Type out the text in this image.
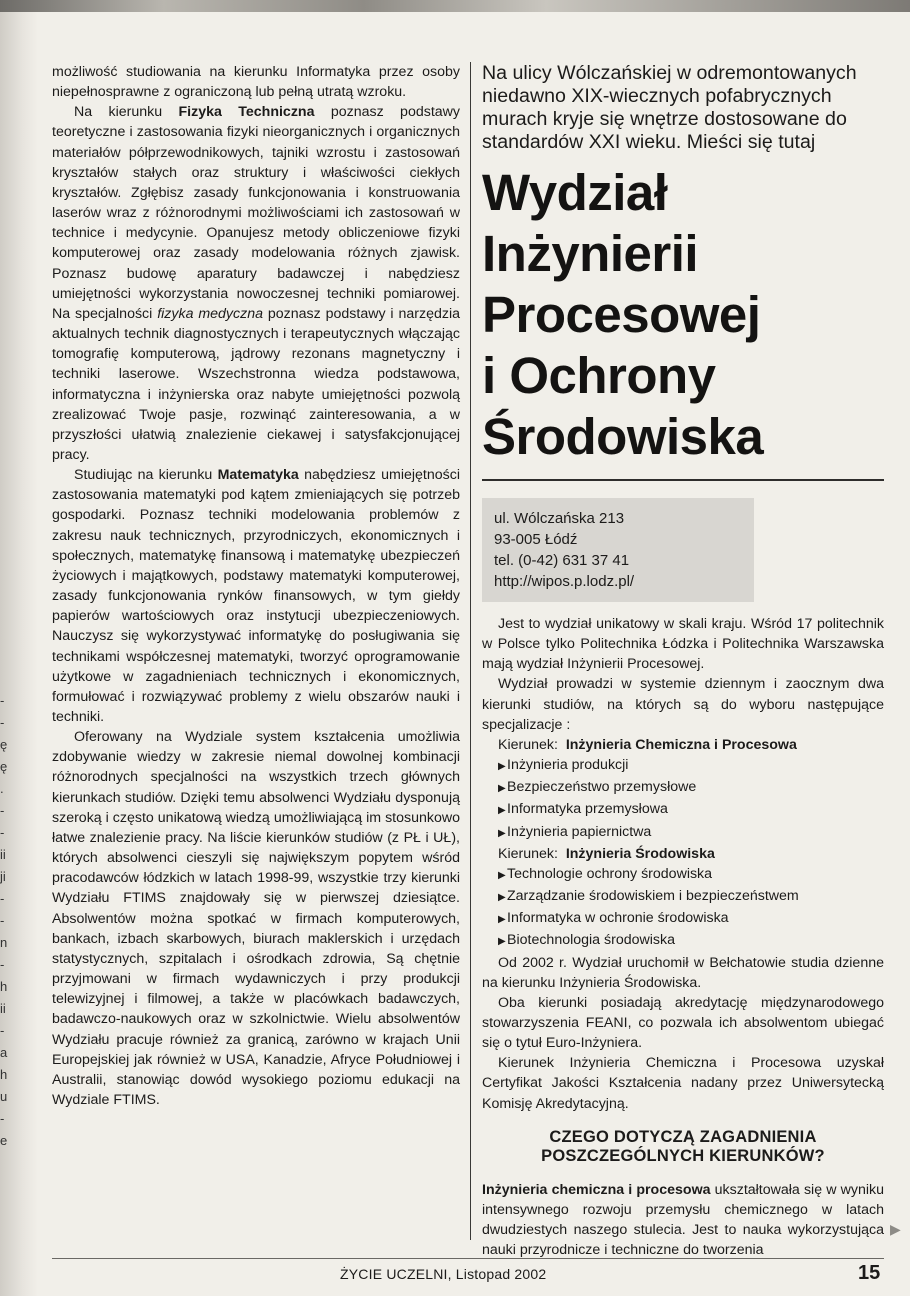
-
-
ę
ę
.
-
-
ii
ji
-
-
n
-
h
ii
-
a
h
u
-
e

możliwość studiowania na kierunku Informatyka przez osoby niepełnosprawne z ograniczoną lub pełną utratą wzroku.

Na kierunku Fizyka Techniczna poznasz podstawy teoretyczne i zastosowania fizyki nieorganicznych i organicznych materiałów półprzewodnikowych, tajniki wzrostu i zastosowań kryształów stałych oraz struktury i właściwości ciekłych kryształów. Zgłębisz zasady funkcjonowania i konstruowania laserów wraz z różnorodnymi możliwościami ich zastosowań w technice i medycynie. Opanujesz metody obliczeniowe fizyki komputerowej oraz zasady modelowania różnych zjawisk. Poznasz budowę aparatury badawczej i nabędziesz umiejętności wykorzystania nowoczesnej techniki pomiarowej. Na specjalności fizyka medyczna poznasz podstawy i narzędzia aktualnych technik diagnostycznych i terapeutycznych włączając tomografię komputerową, jądrowy rezonans magnetyczny i techniki laserowe. Wszechstronna wiedza podstawowa, informatyczna i inżynierska oraz nabyte umiejętności pozwolą zrealizować Twoje pasje, rozwinąć zainteresowania, a w przyszłości ułatwią znalezienie ciekawej i satysfakcjonującej pracy.

Studiując na kierunku Matematyka nabędziesz umiejętności zastosowania matematyki pod kątem zmieniających się potrzeb gospodarki. Poznasz techniki modelowania problemów z zakresu nauk technicznych, przyrodniczych, ekonomicznych i społecznych, matematykę finansową i matematykę ubezpieczeń życiowych i majątkowych, podstawy matematyki komputerowej, zasady funkcjonowania rynków finansowych, w tym giełdy papierów wartościowych oraz instytucji ubezpieczeniowych. Nauczysz się wykorzystywać informatykę do posługiwania się technikami współczesnej matematyki, tworzyć oprogramowanie użytkowe w zagadnieniach technicznych i ekonomicznych, formułować i rozwiązywać problemy z wielu obszarów nauki i techniki.

Oferowany na Wydziale system kształcenia umożliwia zdobywanie wiedzy w zakresie niemal dowolnej kombinacji różnorodnych specjalności na wszystkich trzech głównych kierunkach studiów. Dzięki temu absolwenci Wydziału dysponują szeroką i często unikatową wiedzą umożliwiającą im stosunkowo łatwe znalezienie pracy. Na liście kierunków studiów (z PŁ i UŁ), których absolwenci cieszyli się największym popytem wśród pracodawców łódzkich w latach 1998-99, wszystkie trzy kierunki Wydziału FTIMS znajdowały się w pierwszej dziesiątce. Absolwentów można spotkać w firmach komputerowych, bankach, izbach skarbowych, biurach maklerskich i urzędach statystycznych, szpitalach i ośrodkach zdrowia, Są chętnie przyjmowani w firmach wydawniczych i przy produkcji telewizyjnej i filmowej, a także w placówkach badawczych, badawczo-naukowych oraz w szkolnictwie. Wielu absolwentów Wydziału pracuje również za granicą, zarówno w krajach Unii Europejskiej jak również w USA, Kanadzie, Afryce Południowej i Australii, stanowiąc dowód wysokiego poziomu edukacji na Wydziale FTIMS.

Na ulicy Wólczańskiej w odremontowanych niedawno XIX-wiecznych pofabrycznych murach kryje się wnętrze dostosowane do standardów XXI wieku. Mieści się tutaj

Wydział
Inżynierii
Procesowej
i Ochrony
Środowiska
ul. Wólczańska 213
93-005 Łódź
tel. (0-42) 631 37 41
http://wipos.p.lodz.pl/

Jest to wydział unikatowy w skali kraju. Wśród 17 politechnik w Polsce tylko Politechnika Łódzka i Politechnika Warszawska mają wydział Inżynierii Procesowej.

Wydział prowadzi w systemie dziennym i zaocznym dwa kierunki studiów, na których są do wyboru następujące specjalizacje :

Kierunek: Inżynieria Chemiczna i Procesowa

▶Inżynieria produkcji

▶Bezpieczeństwo przemysłowe

▶Informatyka przemysłowa

▶Inżynieria papiernictwa

Kierunek: Inżynieria Środowiska

▶Technologie ochrony środowiska

▶Zarządzanie środowiskiem i bezpieczeństwem

▶Informatyka w ochronie środowiska

▶Biotechnologia środowiska

Od 2002 r. Wydział uruchomił w Bełchatowie studia dzienne na kierunku Inżynieria Środowiska.

Oba kierunki posiadają akredytację międzynarodowego stowarzyszenia FEANI, co pozwala ich absolwentom ubiegać się o tytuł Euro-Inżyniera.

Kierunek Inżynieria Chemiczna i Procesowa uzyskał Certyfikat Jakości Kształcenia nadany przez Uniwersytecką Komisję Akredytacyjną.

CZEGO DOTYCZĄ ZAGADNIENIA
POSZCZEGÓLNYCH KIERUNKÓW?

Inżynieria chemiczna i procesowa ukształtowała się w wyniku intensywnego rozwoju przemysłu chemicznego w latach dwudziestych naszego stulecia. Jest to nauka wykorzystująca nauki przyrodnicze i techniczne do tworzenia

▶
ŻYCIE UCZELNI, Listopad 2002	15
